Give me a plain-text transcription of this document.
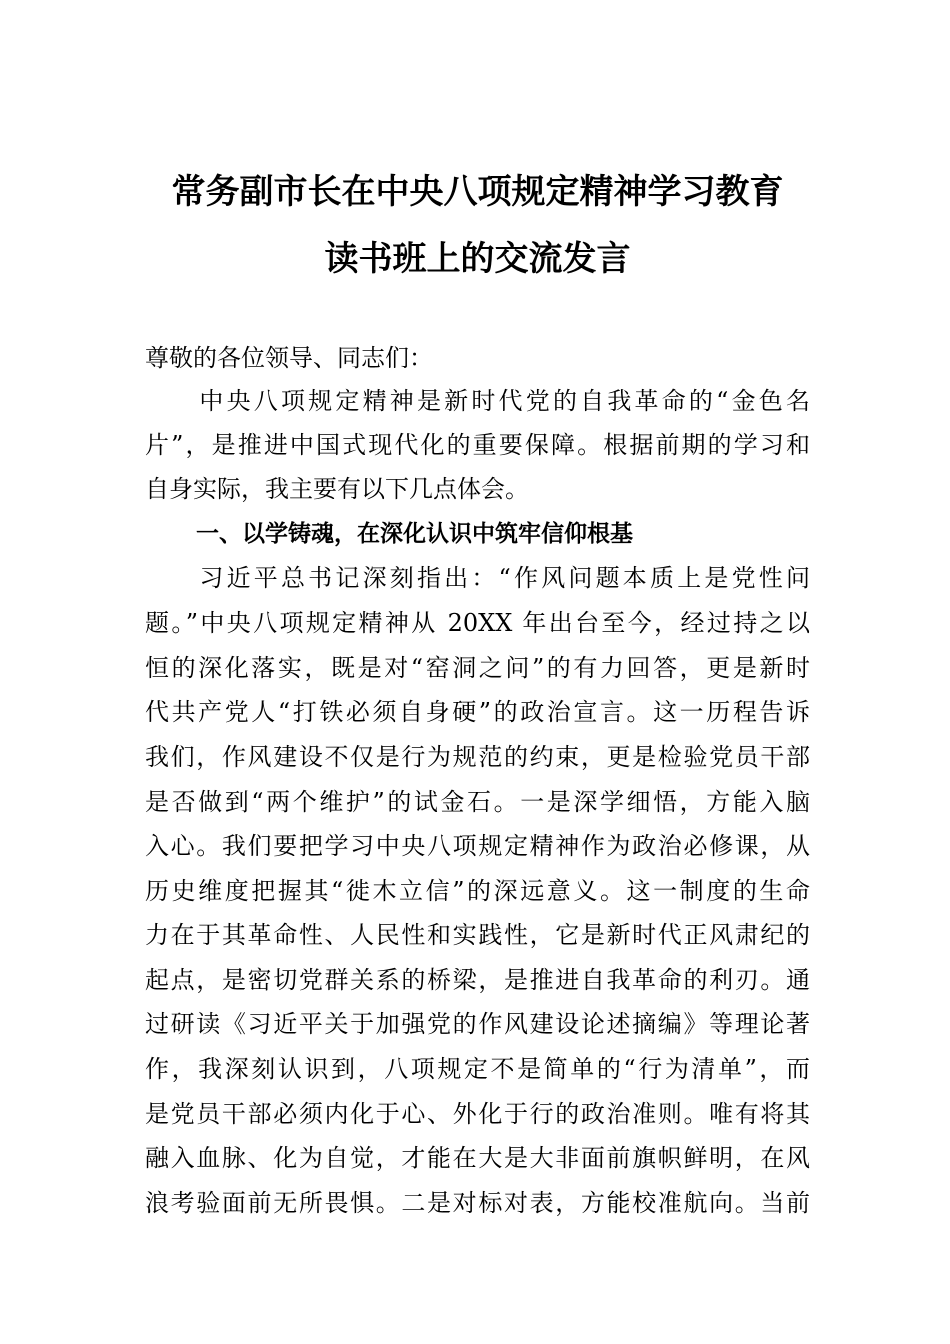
常务副市长在中央八项规定精神学习教育
读书班上的交流发言
尊敬的各位领导、同志们：
　　中央八项规定精神是新时代党的自我革命的“金色名
片”，是推进中国式现代化的重要保障。根据前期的学习和
自身实际，我主要有以下几点体会。
一、以学铸魂，在深化认识中筑牢信仰根基
　　习近平总书记深刻指出：“作风问题本质上是党性问
题。”中央八项规定精神从 20XX 年出台至今，经过持之以
恒的深化落实，既是对“窑洞之问”的有力回答，更是新时
代共产党人“打铁必须自身硬”的政治宣言。这一历程告诉
我们，作风建设不仅是行为规范的约束，更是检验党员干部
是否做到“两个维护”的试金石。一是深学细悟，方能入脑
入心。我们要把学习中央八项规定精神作为政治必修课，从
历史维度把握其“徙木立信”的深远意义。这一制度的生命
力在于其革命性、人民性和实践性，它是新时代正风肃纪的
起点，是密切党群关系的桥梁，是推进自我革命的利刃。通
过研读《习近平关于加强党的作风建设论述摘编》等理论著
作，我深刻认识到，八项规定不是简单的“行为清单”，而
是党员干部必须内化于心、外化于行的政治准则。唯有将其
融入血脉、化为自觉，才能在大是大非面前旗帜鲜明，在风
浪考验面前无所畏惧。二是对标对表，方能校准航向。当前
